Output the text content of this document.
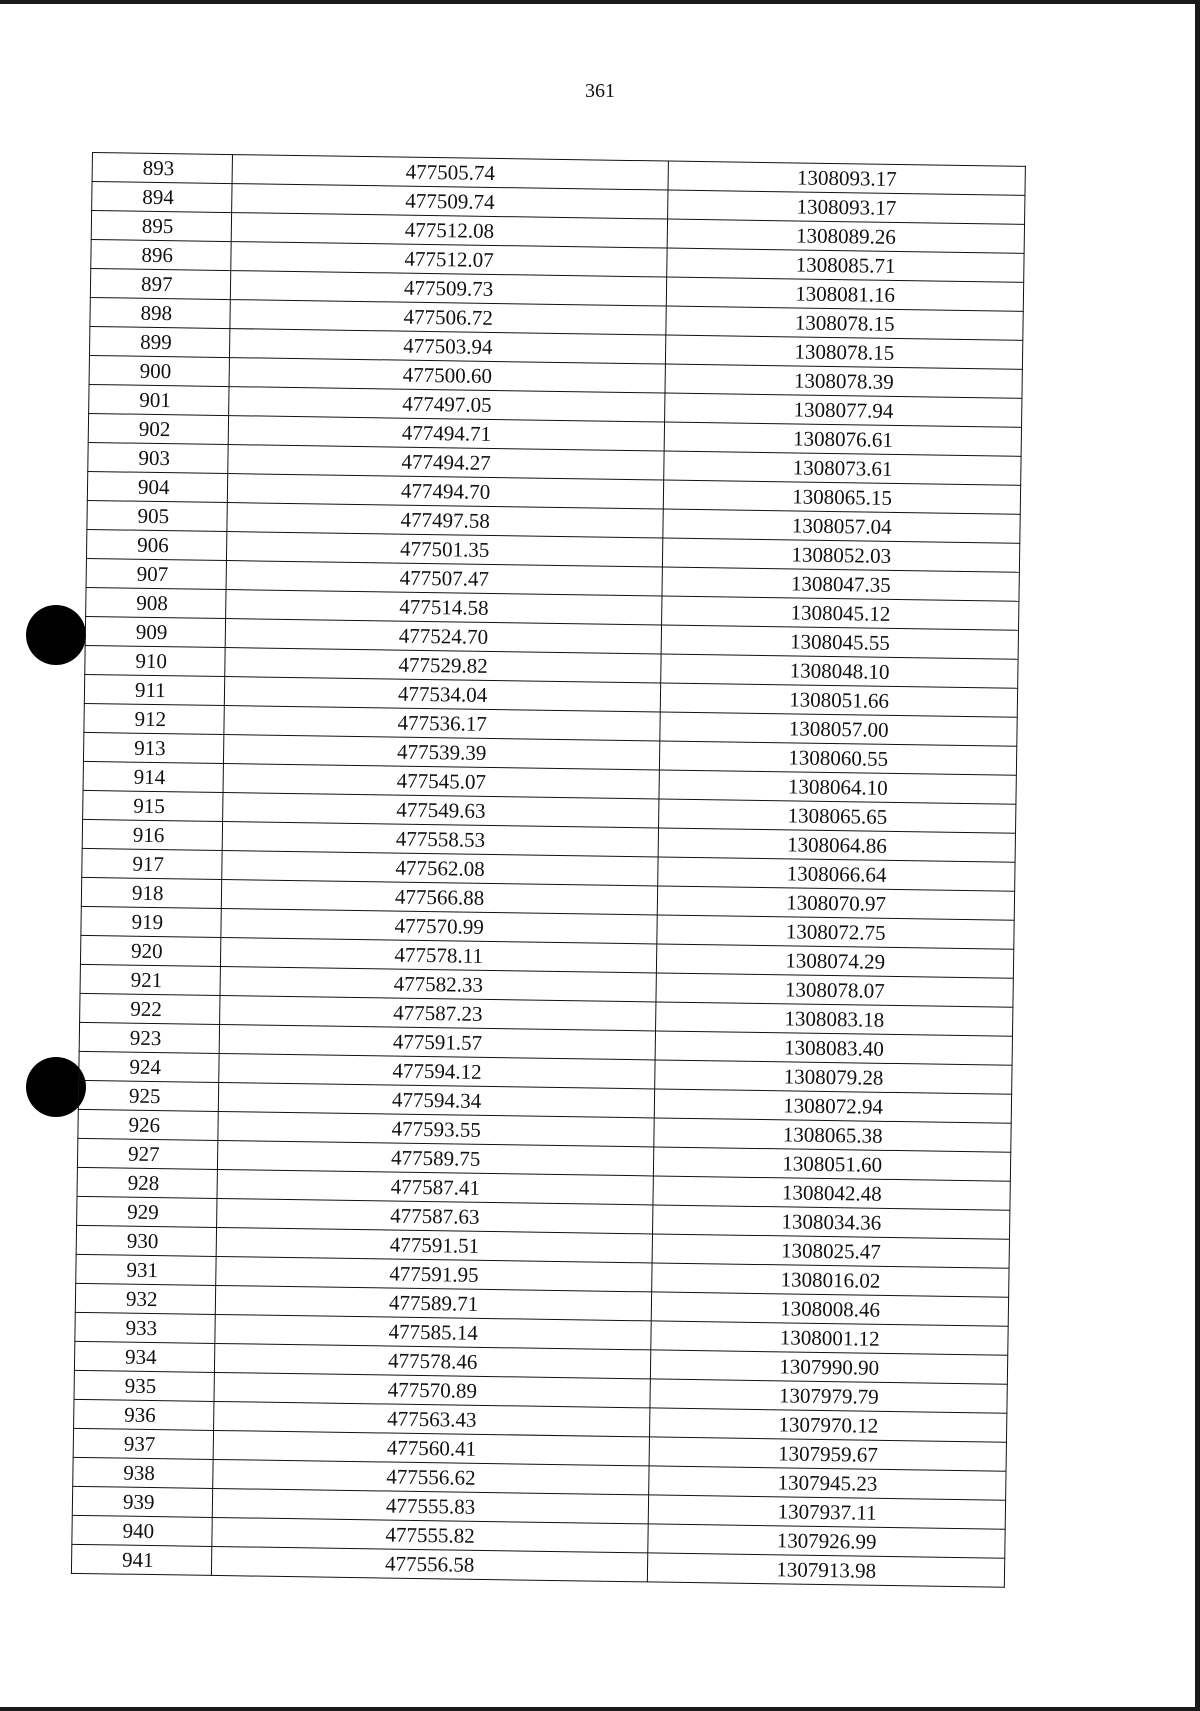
361
893	477505.74	1308093.17
894	477509.74	1308093.17
895	477512.08	1308089.26
896	477512.07	1308085.71
897	477509.73	1308081.16
898	477506.72	1308078.15
899	477503.94	1308078.15
900	477500.60	1308078.39
901	477497.05	1308077.94
902	477494.71	1308076.61
903	477494.27	1308073.61
904	477494.70	1308065.15
905	477497.58	1308057.04
906	477501.35	1308052.03
907	477507.47	1308047.35
908	477514.58	1308045.12
909	477524.70	1308045.55
910	477529.82	1308048.10
911	477534.04	1308051.66
912	477536.17	1308057.00
913	477539.39	1308060.55
914	477545.07	1308064.10
915	477549.63	1308065.65
916	477558.53	1308064.86
917	477562.08	1308066.64
918	477566.88	1308070.97
919	477570.99	1308072.75
920	477578.11	1308074.29
921	477582.33	1308078.07
922	477587.23	1308083.18
923	477591.57	1308083.40
924	477594.12	1308079.28
925	477594.34	1308072.94
926	477593.55	1308065.38
927	477589.75	1308051.60
928	477587.41	1308042.48
929	477587.63	1308034.36
930	477591.51	1308025.47
931	477591.95	1308016.02
932	477589.71	1308008.46
933	477585.14	1308001.12
934	477578.46	1307990.90
935	477570.89	1307979.79
936	477563.43	1307970.12
937	477560.41	1307959.67
938	477556.62	1307945.23
939	477555.83	1307937.11
940	477555.82	1307926.99
941	477556.58	1307913.98
